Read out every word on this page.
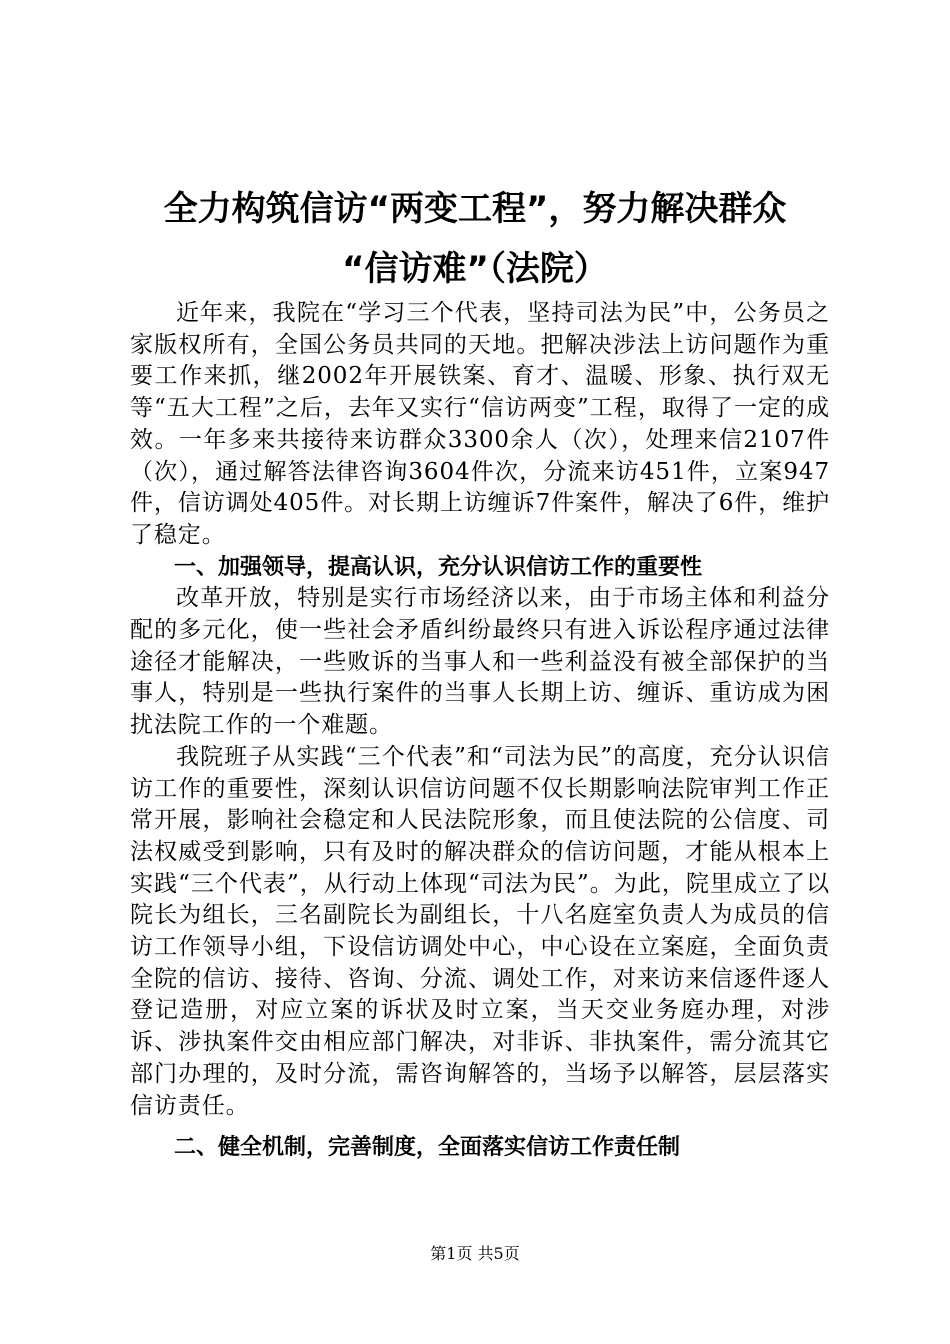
全力构筑信访“两变工程”，努力解决群众
“信访难”（法院）

近年来，我院在“学习三个代表，坚持司法为民”中，公务员之家版权所有，全国公务员共同的天地。把解决涉法上访问题作为重要工作来抓，继2002年开展铁案、育才、温暖、形象、执行双无等“五大工程”之后，去年又实行“信访两变”工程，取得了一定的成效。一年多来共接待来访群众3300余人（次），处理来信2107件（次），通过解答法律咨询3604件次，分流来访451件，立案947件，信访调处405件。对长期上访缠诉7件案件，解决了6件，维护了稳定。

一、加强领导，提高认识，充分认识信访工作的重要性

改革开放，特别是实行市场经济以来，由于市场主体和利益分配的多元化，使一些社会矛盾纠纷最终只有进入诉讼程序通过法律途径才能解决，一些败诉的当事人和一些利益没有被全部保护的当事人，特别是一些执行案件的当事人长期上访、缠诉、重访成为困扰法院工作的一个难题。

我院班子从实践“三个代表”和“司法为民”的高度，充分认识信访工作的重要性，深刻认识信访问题不仅长期影响法院审判工作正常开展，影响社会稳定和人民法院形象，而且使法院的公信度、司法权威受到影响，只有及时的解决群众的信访问题，才能从根本上实践“三个代表”，从行动上体现“司法为民”。为此，院里成立了以院长为组长，三名副院长为副组长，十八名庭室负责人为成员的信访工作领导小组，下设信访调处中心，中心设在立案庭，全面负责全院的信访、接待、咨询、分流、调处工作，对来访来信逐件逐人登记造册，对应立案的诉状及时立案，当天交业务庭办理，对涉诉、涉执案件交由相应部门解决，对非诉、非执案件，需分流其它部门办理的，及时分流，需咨询解答的，当场予以解答，层层落实信访责任。

二、健全机制，完善制度，全面落实信访工作责任制

第1页 共5页
